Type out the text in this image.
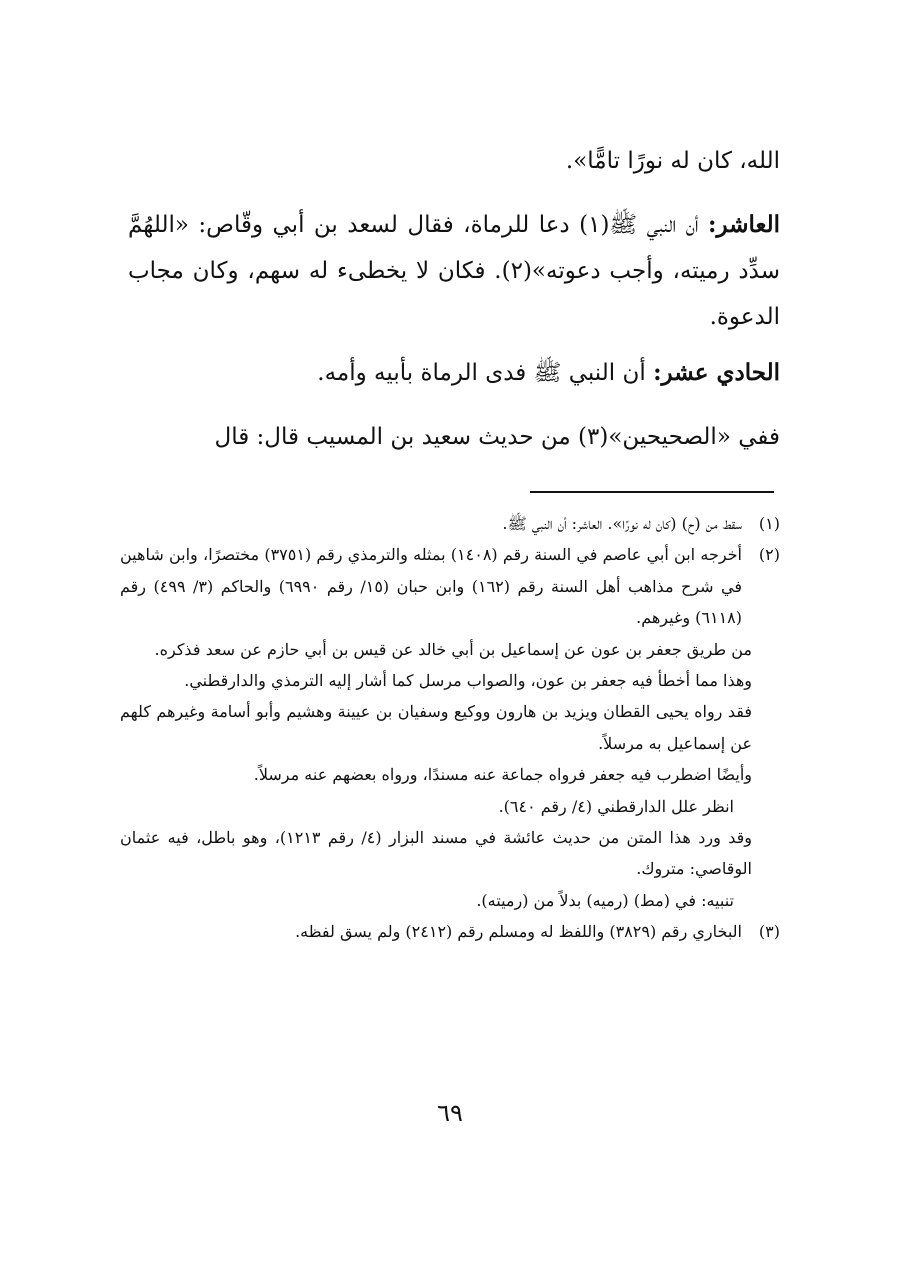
الله، كان له نورًا تامًّا».
العاشر: أن النبي ﷺ(١) دعا للرماة، فقال لسعد بن أبي وقّاص: «اللهُمَّ سدِّد رميته، وأجب دعوته»(٢). فكان لا يخطىء له سهم، وكان مجاب الدعوة.
الحادي عشر: أن النبي ﷺ فدى الرماة بأبيه وأمه.
ففي «الصحيحين»(٣) من حديث سعيد بن المسيب قال: قال
(١)
سقط من (ح) (كان له نورًا». العاشر: أن النبي ﷺ.
(٢)
أخرجه ابن أبي عاصم في السنة رقم (١٤٠٨) بمثله والترمذي رقم (٣٧٥١) مختصرًا، وابن شاهين في شرح مذاهب أهل السنة رقم (١٦٢) وابن حبان (١٥/ رقم ٦٩٩٠) والحاكم (٣/ ٤٩٩) رقم (٦١١٨) وغيرهم.
من طريق جعفر بن عون عن إسماعيل بن أبي خالد عن قيس بن أبي حازم عن سعد فذكره.
وهذا مما أخطأ فيه جعفر بن عون، والصواب مرسل كما أشار إليه الترمذي والدارقطني.
فقد رواه يحيى القطان ويزيد بن هارون ووكيع وسفيان بن عيينة وهشيم وأبو أسامة وغيرهم كلهم عن إسماعيل به مرسلاً.
وأيضًا اضطرب فيه جعفر فرواه جماعة عنه مسندًا، ورواه بعضهم عنه مرسلاً.
انظر علل الدارقطني (٤/ رقم ٦٤٠).
وقد ورد هذا المتن من حديث عائشة في مسند البزار (٤/ رقم ١٢١٣)، وهو باطل، فيه عثمان الوقاصي: متروك.
تنبيه: في (مط) (رميه) بدلاً من (رميته).
(٣)
البخاري رقم (٣٨٢٩) واللفظ له ومسلم رقم (٢٤١٢) ولم يسق لفظه.
٦٩
